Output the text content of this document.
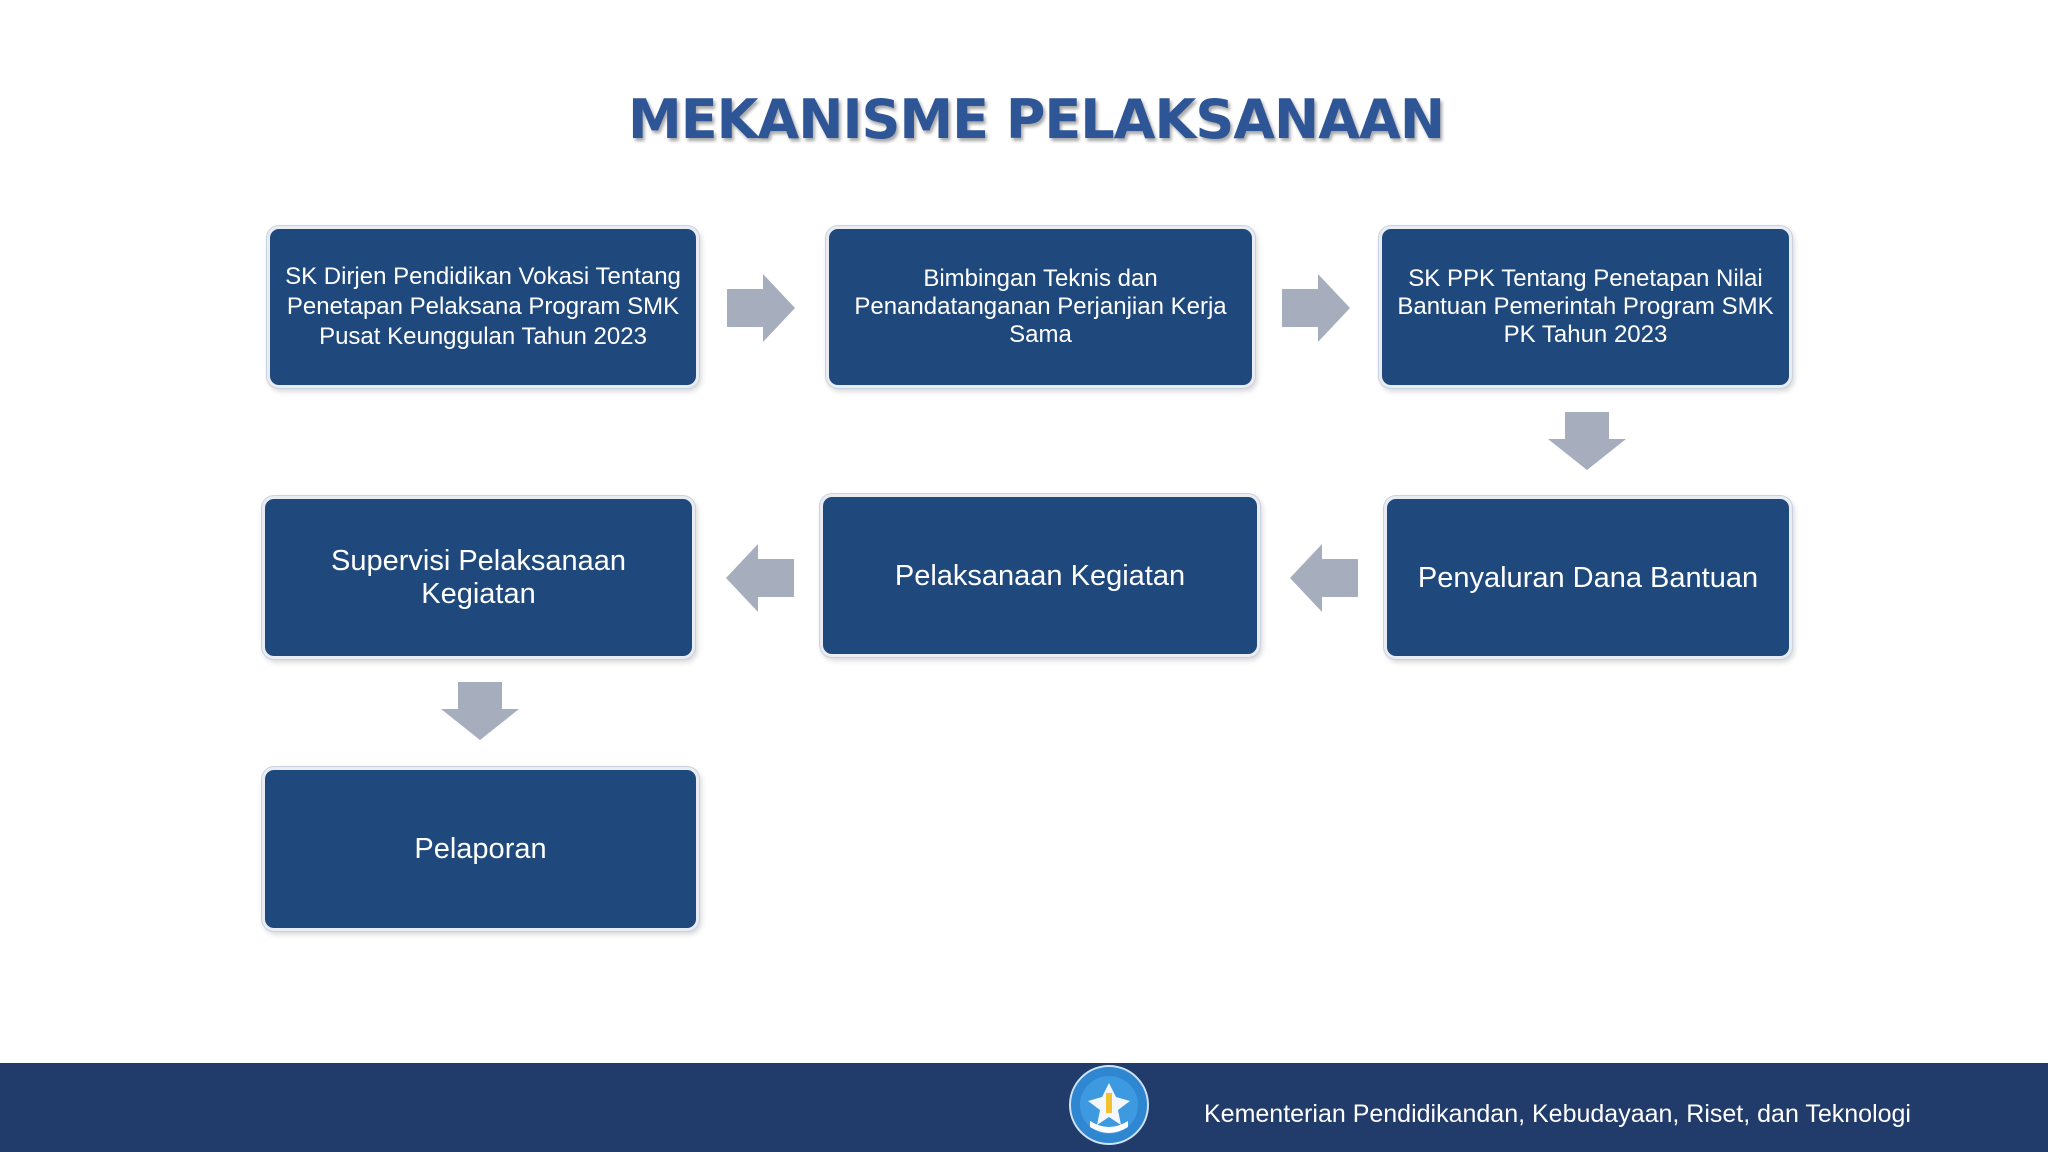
MEKANISME PELAKSANAAN
SK Dirjen Pendidikan Vokasi Tentang Penetapan Pelaksana Program SMK Pusat Keunggulan Tahun 2023
Bimbingan Teknis dan Penandatanganan Perjanjian Kerja Sama
SK PPK Tentang Penetapan Nilai Bantuan Pemerintah Program SMK PK Tahun 2023
Penyaluran Dana Bantuan
Pelaksanaan Kegiatan
Supervisi Pelaksanaan Kegiatan
Pelaporan
Kementerian Pendidikandan, Kebudayaan, Riset, dan Teknologi
